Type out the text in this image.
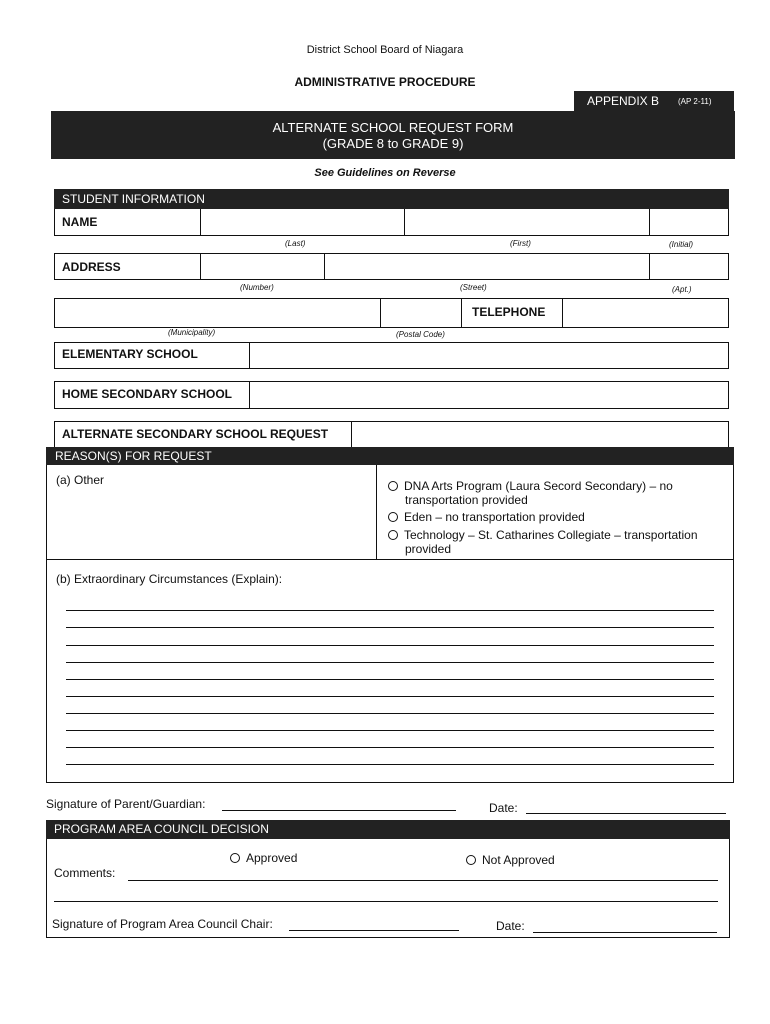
District School Board of Niagara
ADMINISTRATIVE PROCEDURE
APPENDIX B (AP 2-11)
ALTERNATE SCHOOL REQUEST FORM
(GRADE 8 to GRADE 9)
See Guidelines on Reverse
STUDENT INFORMATION
NAME
(Last)	(First)	(Initial)
ADDRESS
(Number)	(Street)	(Apt.)
TELEPHONE
(Municipality)	(Postal Code)
ELEMENTARY SCHOOL
HOME SECONDARY SCHOOL
ALTERNATE SECONDARY SCHOOL REQUEST
REASON(S) FOR REQUEST
(a) Other	DNA Arts Program (Laura Secord Secondary) – no
transportation provided
Eden – no transportation provided
Technology – St. Catharines Collegiate – transportation
provided
(b) Extraordinary Circumstances (Explain):
Signature of Parent/Guardian:	Date:
PROGRAM AREA COUNCIL DECISION
Approved	Not Approved
Comments:
Signature of Program Area Council Chair:	Date:
